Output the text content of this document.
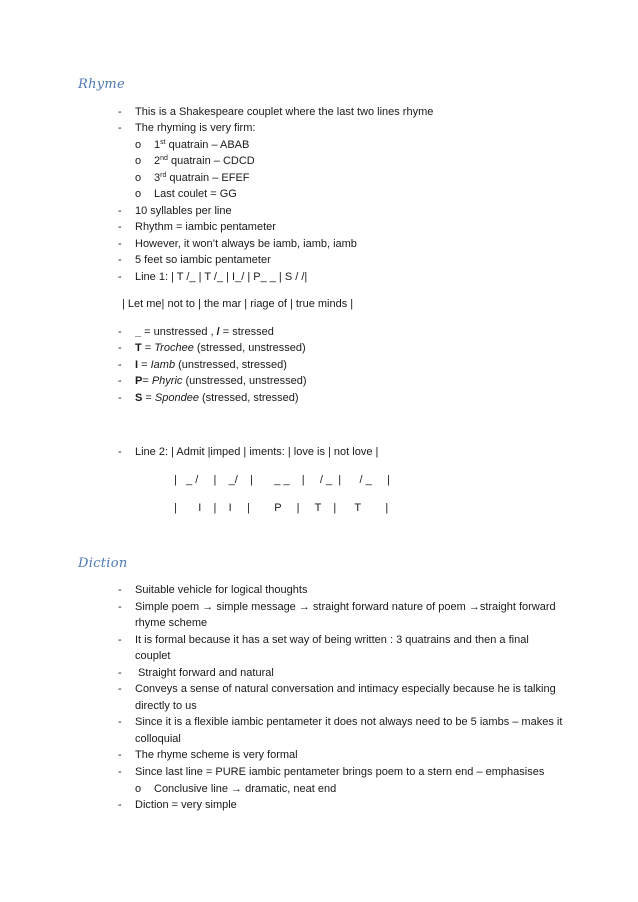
Rhyme
- This is a Shakespeare couplet where the last two lines rhyme
- The rhyming is very firm:
o 1st quatrain – ABAB
o 2nd quatrain – CDCD
o 3rd quatrain – EFEF
o Last coulet = GG
- 10 syllables per line
- Rhythm = iambic pentameter
- However, it won’t always be iamb, iamb, iamb
- 5 feet so iambic pentameter
- Line 1: | T /_ | T /_ | I_/ | P_ _ | S / /|
| Let me| not to | the mar | riage of | true minds |
- _ = unstressed , / = stressed
- T = Trochee (stressed, unstressed)
- I = Iamb (unstressed, stressed)
- P= Phyric (unstressed, unstressed)
- S = Spondee (stressed, stressed)
- Line 2: | Admit |imped | iments: | love is | not love |
|   _ /     |    _/    |       _ _    |     / _  |      / _     |
|       I    |    I     |        P     |     T    |      T        |
Diction
- Suitable vehicle for logical thoughts
- Simple poem → simple message → straight forward nature of poem →straight forward
rhyme scheme
- It is formal because it has a set way of being written : 3 quatrains and then a final
couplet
- Straight forward and natural
- Conveys a sense of natural conversation and intimacy especially because he is talking
directly to us
- Since it is a flexible iambic pentameter it does not always need to be 5 iambs – makes it
colloquial
- The rhyme scheme is very formal
- Since last line = PURE iambic pentameter brings poem to a stern end – emphasises
o Conclusive line → dramatic, neat end
- Diction = very simple
